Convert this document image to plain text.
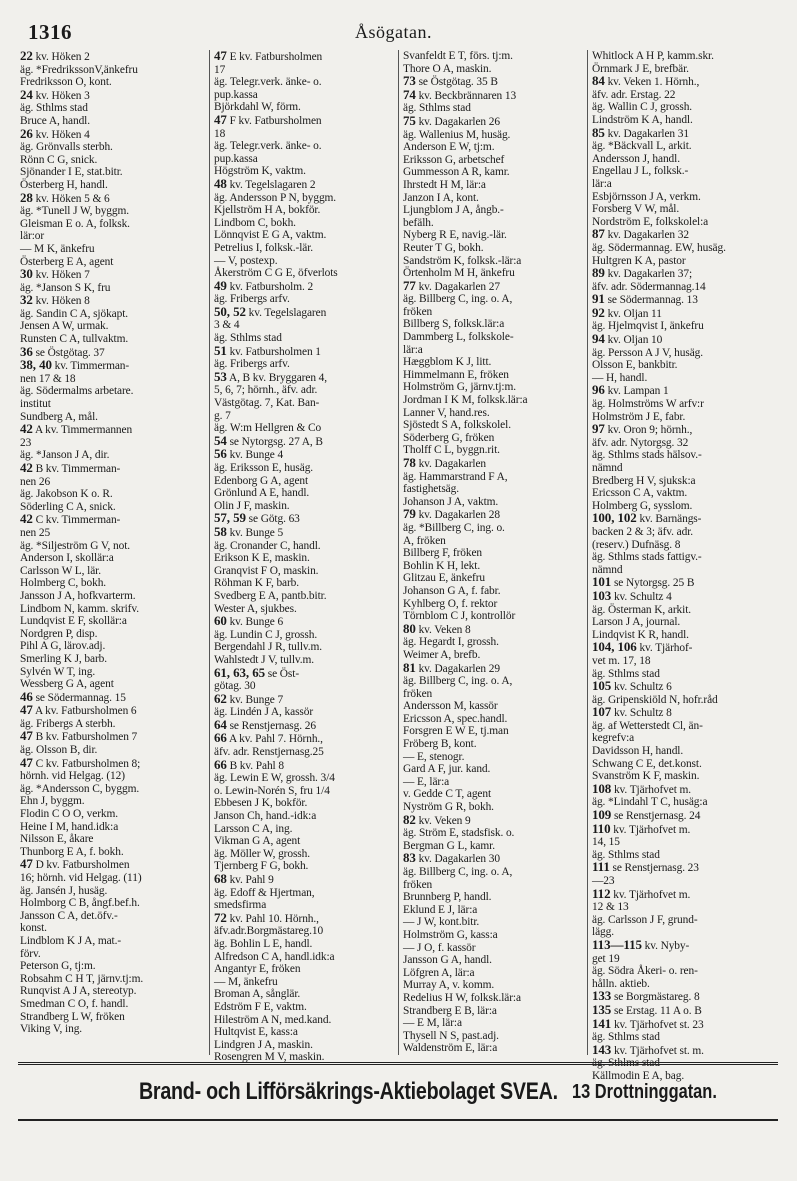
1316	Åsögatan.
22 kv. Höken 2
äg. *FredrikssonV,änkefru
Fredriksson O, kont.
24 kv. Höken 3
äg. Sthlms stad
Bruce A, handl.
26 kv. Höken 4
äg. Grönvalls sterbh.
Rönn C G, snick.
Sjönander I E, stat.bitr.
Österberg H, handl.
28 kv. Höken 5 & 6
äg. *Tunell J W, byggm.
Gleisman E o. A, folksk.
lär:or
— M K, änkefru
Österberg E A, agent
30 kv. Höken 7
äg. *Janson S K, fru
32 kv. Höken 8
äg. Sandin C A, sjökapt.
Jensen A W, urmak.
Runsten C A, tullvaktm.
36 se Östgötag. 37
38, 40 kv. Timmerman-
nen 17 & 18
äg. Södermalms arbetare.
institut
Sundberg A, mål.
42 A kv. Timmermannen
23
äg. *Janson J A, dir.
42 B kv. Timmerman-
nen 26
äg. Jakobson K o. R.
Söderling C A, snick.
42 C kv. Timmerman-
nen 25
äg. *Siljeström G V, not.
Anderson I, skollär:a
Carlsson W L, lär.
Holmberg C, bokh.
Jansson J A, hofkvarterm.
Lindbom N, kamm. skrifv.
Lundqvist E F, skollär:a
Nordgren P, disp.
Pihl A G, lärov.adj.
Smerling K J, barb.
Sylvén W T, ing.
Wessberg G A, agent
46 se Södermannag. 15
47 A kv. Fatbursholmen 6
äg. Fribergs A sterbh.
47 B kv. Fatbursholmen 7
äg. Olsson B, dir.
47 C kv. Fatbursholmen 8;
hörnh. vid Helgag. (12)
äg. *Andersson C, byggm.
Ehn J, byggm.
Flodin C O O, verkm.
Heine I M, hand.idk:a
Nilsson E, åkare
Thunborg E A, f. bokh.
47 D kv. Fatbursholmen
16; hörnh. vid Helgag. (11)
äg. Jansén J, husäg.
Holmborg C B, ångf.bef.h.
Jansson C A, det.öfv.-
konst.
Lindblom K J A, mat.-
förv.
Peterson G, tj:m.
Robsahm C H T, järnv.tj:m.
Runqvist A J A, stereotyp.
Smedman C O, f. handl.
Strandberg L W, fröken
Viking V, ing.
47 E kv. Fatbursholmen
17
äg. Telegr.verk. änke- o.
pup.kassa
Björkdahl W, förm.
47 F kv. Fatbursholmen
18
äg. Telegr.verk. änke- o.
pup.kassa
Högström K, vaktm.
48 kv. Tegelslagaren 2
äg. Andersson P N, byggm.
Kjellström H A, bokför.
Lindbom C, bokh.
Lönnqvist E G A, vaktm.
Petrelius I, folksk.-lär.
— V, postexp.
Åkerström C G E, öfverlots
49 kv. Fatbursholm. 2
äg. Fribergs arfv.
50, 52 kv. Tegelslagaren
3 & 4
äg. Sthlms stad
51 kv. Fatbursholmen 1
äg. Fribergs arfv.
53 A, B kv. Bryggaren 4,
5, 6, 7; hörnh., äfv. adr.
Västgötag. 7, Kat. Ban-
g. 7
äg. W:m Hellgren & Co
54 se Nytorgsg. 27 A, B
56 kv. Bunge 4
äg. Eriksson E, husäg.
Edenborg G A, agent
Grönlund A E, handl.
Olin J F, maskin.
57, 59 se Götg. 63
58 kv. Bunge 5
äg. Cronander C, handl.
Erikson K E, maskin.
Granqvist F O, maskin.
Röhman K F, barb.
Svedberg E A, pantb.bitr.
Wester A, sjukbes.
60 kv. Bunge 6
äg. Lundin C J, grossh.
Bergendahl J R, tullv.m.
Wahlstedt J V, tullv.m.
61, 63, 65 se Öst-
götag. 30
62 kv. Bunge 7
äg. Lindén J A, kassör
64 se Renstjernasg. 26
66 A kv. Pahl 7. Hörnh.,
äfv. adr. Renstjernasg.25
66 B kv. Pahl 8
äg. Lewin E W, grossh. 3/4
o. Lewin-Norén S, fru 1/4
Ebbesen J K, bokför.
Janson Ch, hand.-idk:a
Larsson C A, ing.
Vikman G A, agent
äg. Möller W, grossh.
Tjernberg F G, bokh.
68 kv. Pahl 9
äg. Edoff & Hjertman,
smedsfirma
72 kv. Pahl 10. Hörnh.,
äfv.adr.Borgmästareg.10
äg. Bohlin L E, handl.
Alfredson C A, handl.idk:a
Angantyr E, fröken
— M, änkefru
Broman A, sånglär.
Edström F E, vaktm.
Hileström A N, med.kand.
Hultqvist E, kass:a
Lindgren J A, maskin.
Rosengren M V, maskin.
Svanfeldt E T, förs. tj:m.
Thore O A, maskin.
73 se Östgötag. 35 B
74 kv. Beckbrännaren 13
äg. Sthlms stad
75 kv. Dagakarlen 26
äg. Wallenius M, husäg.
Anderson E W, tj:m.
Eriksson G, arbetschef
Gummesson A R, kamr.
Ihrstedt H M, lär:a
Janzon I A, kont.
Ljungblom J A, ångb.-
befälh.
Nyberg R E, navig.-lär.
Reuter T G, bokh.
Sandström K, folksk.-lär:a
Örtenholm M H, änkefru
77 kv. Dagakarlen 27
äg. Billberg C, ing. o. A,
fröken
Billberg S, folksk.lär:a
Dammberg L, folkskole-
lär:a
Hæggblom K J, litt.
Himmelmann E, fröken
Holmström G, järnv.tj:m.
Jordman I K M, folksk.lär:a
Lanner V, hand.res.
Sjöstedt S A, folkskolel.
Söderberg G, fröken
Tholff C L, byggn.rit.
78 kv. Dagakarlen
äg. Hammarstrand F A,
fastighetsäg.
Johanson J A, vaktm.
79 kv. Dagakarlen 28
äg. *Billberg C, ing. o.
A, fröken
Billberg F, fröken
Bohlin K H, lekt.
Glitzau E, änkefru
Johanson G A, f. fabr.
Kyhlberg O, f. rektor
Törnblom C J, kontrollör
80 kv. Veken 8
äg. Hegardt I, grossh.
Weimer A, brefb.
81 kv. Dagakarlen 29
äg. Billberg C, ing. o. A,
fröken
Andersson M, kassör
Ericsson A, spec.handl.
Forsgren E W E, tj.man
Fröberg B, kont.
— E, stenogr.
Gard A F, jur. kand.
— E, lär:a
v. Gedde C T, agent
Nyström G R, bokh.
82 kv. Veken 9
äg. Ström E, stadsfisk. o.
Bergman G L, kamr.
83 kv. Dagakarlen 30
äg. Billberg C, ing. o. A,
fröken
Brunnberg P, handl.
Eklund E J, lär:a
— J W, kont.bitr.
Holmström G, kass:a
— J O, f. kassör
Jansson G A, handl.
Löfgren A, lär:a
Murray A, v. komm.
Redelius H W, folksk.lär:a
Strandberg E B, lär:a
— E M, lär:a
Thysell N S, past.adj.
Waldenström E, lär:a
Whitlock A H P, kamm.skr.
Örnmark J E, brefbär.
84 kv. Veken 1. Hörnh.,
äfv. adr. Erstag. 22
äg. Wallin C J, grossh.
Lindström K A, handl.
85 kv. Dagakarlen 31
äg. *Bäckvall L, arkit.
Andersson J, handl.
Engellau J L, folksk.-
lär:a
Esbjörnsson J A, verkm.
Forsberg V W, mål.
Nordström E, folkskolel:a
87 kv. Dagakarlen 32
äg. Södermannag. EW, husäg.
Hultgren K A, pastor
89 kv. Dagakarlen 37;
äfv. adr. Södermannag.14
91 se Södermannag. 13
92 kv. Oljan 11
äg. Hjelmqvist I, änkefru
94 kv. Oljan 10
äg. Persson A J V, husäg.
Olsson E, bankbitr.
— H, handl.
96 kv. Lampan 1
äg. Holmströms W arfv:r
Holmström J E, fabr.
97 kv. Oron 9; hörnh.,
äfv. adr. Nytorgsg. 32
äg. Sthlms stads hälsov.-
nämnd
Bredberg H V, sjuksk:a
Ericsson C A, vaktm.
Holmberg G, sysslom.
100, 102 kv. Barnängs-
backen 2 & 3; äfv. adr.
(reserv.) Dufnäsg. 8
äg. Sthlms stads fattigv.-
nämnd
101 se Nytorgsg. 25 B
103 kv. Schultz 4
äg. Österman K, arkit.
Larson J A, journal.
Lindqvist K R, handl.
104, 106 kv. Tjärhof-
vet m. 17, 18
äg. Sthlms stad
105 kv. Schultz 6
äg. Gripenskiöld N, hofr.råd
107 kv. Schultz 8
äg. af Wetterstedt Cl, än-
kegrefv:a
Davidsson H, handl.
Schwang C E, det.konst.
Svanström K F, maskin.
108 kv. Tjärhofvet m.
äg. *Lindahl T C, husäg:a
109 se Renstjernasg. 24
110 kv. Tjärhofvet m.
14, 15
äg. Sthlms stad
111 se Renstjernasg. 23
—23
112 kv. Tjärhofvet m.
12 & 13
äg. Carlsson J F, grund-
lägg.
113—115 kv. Nyby-
get 19
äg. Södra Åkeri- o. ren-
hålln. aktieb.
133 se Borgmästareg. 8
135 se Erstag. 11 A o. B
141 kv. Tjärhofvet st. 23
äg. Sthlms stad
143 kv. Tjärhofvet st. m.
äg. Sthlms stad
Källmodin E A, bag.
Brand- och Lifförsäkrings-Aktiebolaget SVEA. 13 Drottninggatan.
